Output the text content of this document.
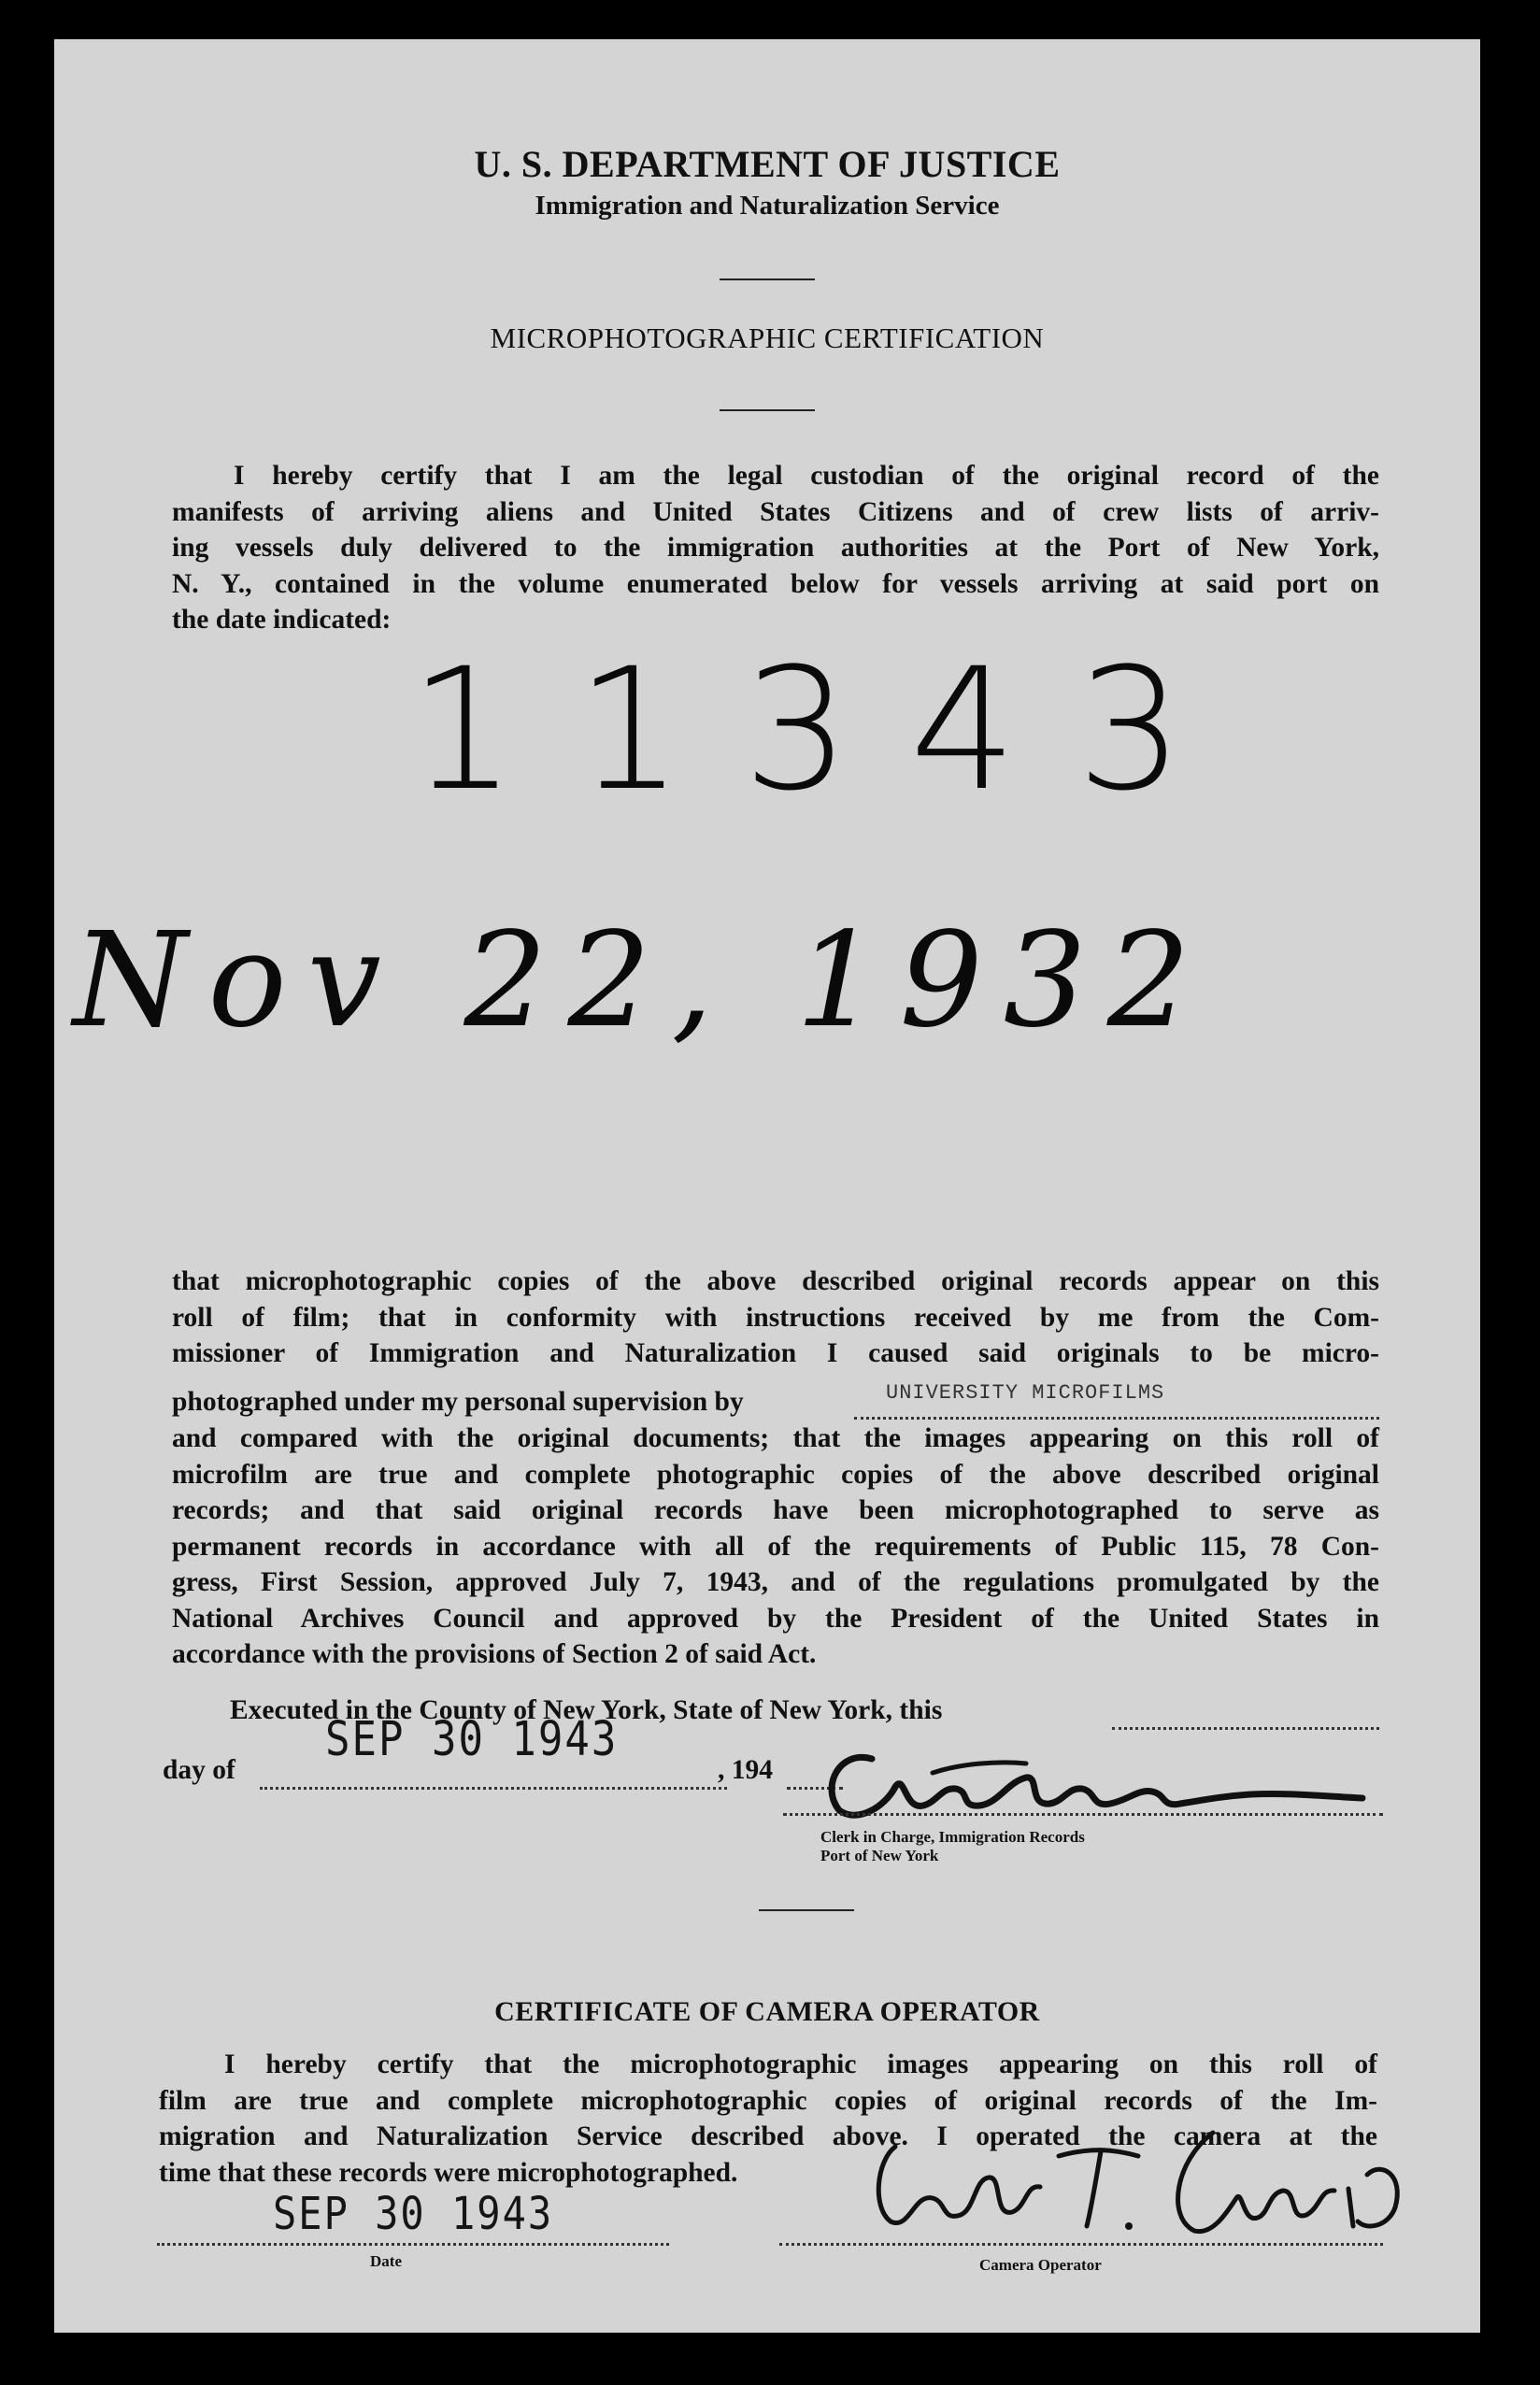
U. S. DEPARTMENT OF JUSTICE
Immigration and Naturalization Service
MICROPHOTOGRAPHIC CERTIFICATION
I hereby certify that I am the legal custodian of the original record of the
manifests of arriving aliens and United States Citizens and of crew lists of arriv-
ing vessels duly delivered to the immigration authorities at the Port of New York,
N. Y., contained in the volume enumerated below for vessels arriving at said port on
the date indicated:
11343
Nov 22, 1932
that microphotographic copies of the above described original records appear on this
roll of film; that in conformity with instructions received by me from the Com-
missioner of Immigration and Naturalization I caused said originals to be micro-
photographed under my personal supervision by	UNIVERSITY MICROFILMS
and compared with the original documents; that the images appearing on this roll of
microfilm are true and complete photographic copies of the above described original
records; and that said original records have been microphotographed to serve as
permanent records in accordance with all of the requirements of Public 115, 78 Con-
gress, First Session, approved July 7, 1943, and of the regulations promulgated by the
National Archives Council and approved by the President of the United States in
accordance with the provisions of Section 2 of said Act.
Executed in the County of New York, State of New York, this
day of
SEP 30 1943
, 194
Clerk in Charge, Immigration Records
Port of New York
CERTIFICATE OF CAMERA OPERATOR
I hereby certify that the microphotographic images appearing on this roll of
film are true and complete microphotographic copies of original records of the Im-
migration and Naturalization Service described above. I operated the camera at the
time that these records were microphotographed.
SEP 30 1943
Date	Camera Operator
